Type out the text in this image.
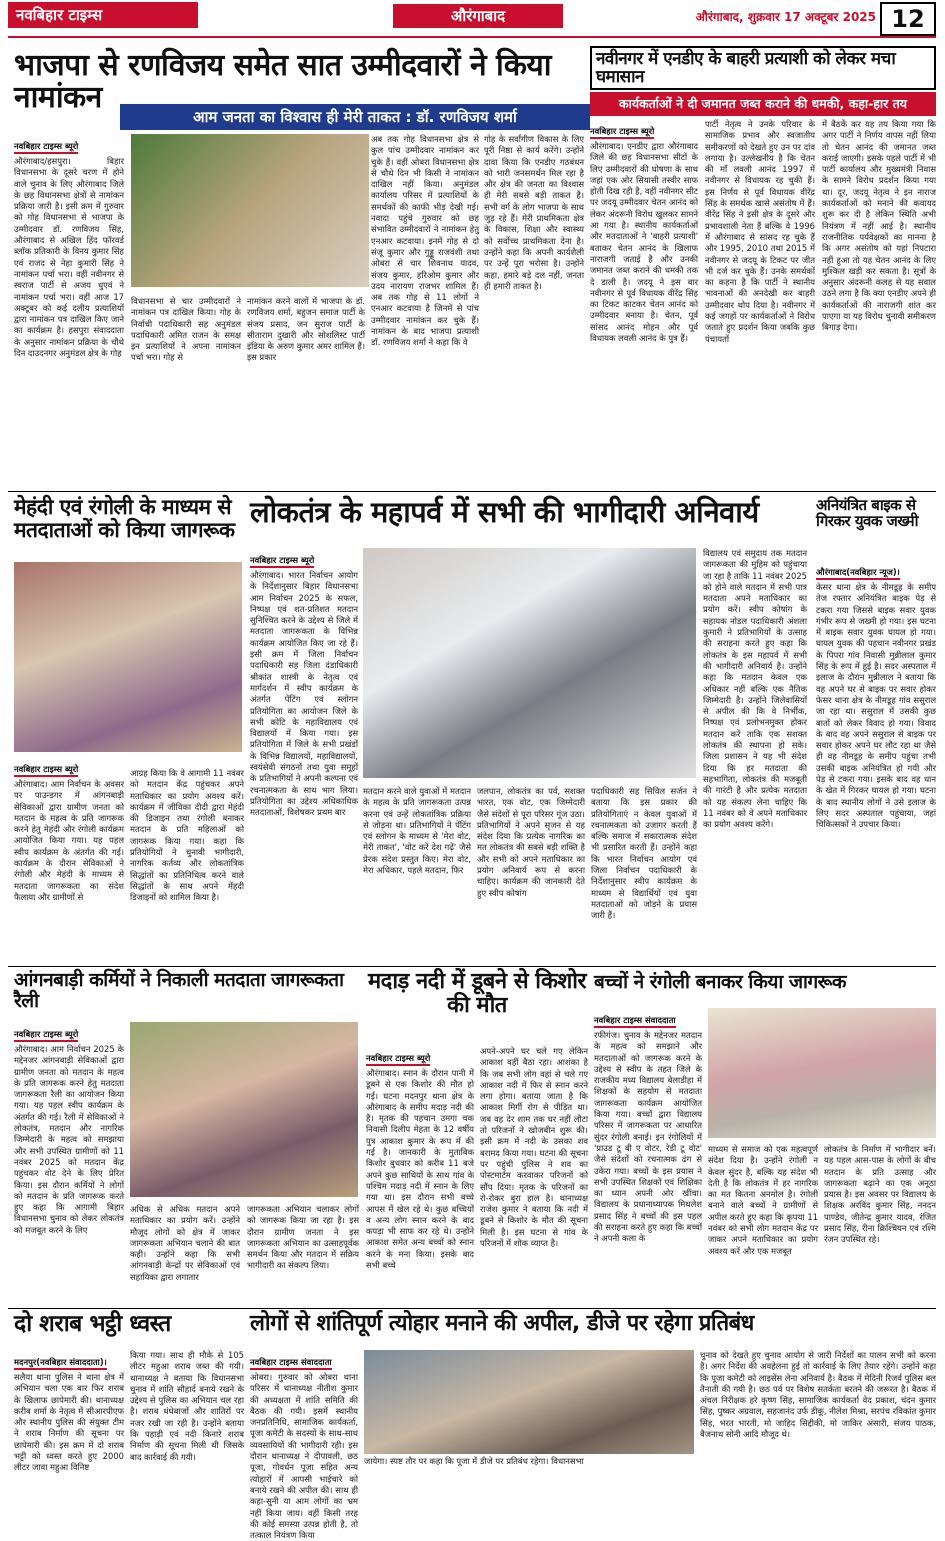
नवबिहार टाइम्स	औरंगाबाद	औरंगाबाद, शुक्रवार 17 अक्टूबर 2025 12
भाजपा से रणविजय समेत सात उम्मीदवारों ने किया नामांकन
आम जनता का विश्वास ही मेरी ताकत : डॉ. रणविजय शर्मा
नवबिहार टाइम्स ब्यूरो
औरंगाबाद/हसपुरा। बिहार विधानसभा के दूसरे चरण में होने वाले चुनाव के लिए औरंगाबाद जिले के छह विधानसभा क्षेत्रों से नामांकन प्रक्रिया जारी है। इसी क्रम में गुरुवार को गोह विधानसभा से भाजपा के उम्मीदवार डॉ. रणविजय सिंह, औरंगाबाद से अखिल हिंद फॉरवर्ड ब्लॉक प्रतिकारी के विनय कुमार सिंह एवं राजद से नेहा कुमारी सिंह ने नामांकन पर्चा भरा। वहीं नवीनगर से स्वराज पार्टी से अजय धुएवं ने नामांकन पर्चा भरा। वहीं आज 17 अक्टूबर को कई दलीय प्रत्याशियों द्वारा नामांकन पत्र दाखिल किए जाने का कार्यक्रम है। हसपुरा संवाददाता के अनुसार नामांकन प्रक्रिया के चौथे दिन दाउदनगर अनुमंडल क्षेत्र के गोह
विधानसभा से चार उम्मीदवारों ने नामांकन पत्र दाखिल किया। गोह के निर्वाची पदाधिकारी सह अनुमंडल पदाधिकारी अमित राजन के समक्ष इन प्रत्याशियों ने अपना नामांकन पर्चा भरा। गोह से
नामांकन करने वालों में भाजपा के डॉ. रणविजय शर्मा, बहुजन समाज पार्टी के संजय प्रसाद, जन सुराज पार्टी के सीताराम दुखारी और सोशलिस्ट पार्टी इंडिया के अरुण कुमार अमर शामिल हैं। इस प्रकार
अब तक गोह विधानसभा क्षेत्र से कुल पांच उम्मीदवार नामांकन कर चुके हैं। वहीं ओबरा विधानसभा क्षेत्र से चौथे दिन भी किसी ने नामांकन दाखिल नहीं किया। अनुमंडल कार्यालय परिसर में प्रत्याशियों के समर्थकों की काफी भीड़ देखी गई। नवादा पहुंचे गुरुवार को छह संभावित उम्मीदवारों ने नामांकन हेतु एनआर कटवाया। इनमें गोह से दो संजू कुमार और गुड्डू राजवंशी तथा ओबरा से चार शिवनाथ यादव, संजय कुमार, हरिओम कुमार और उदय नारायण राजभर शामिल हैं। अब तक गोह से 11 लोगों ने एनआर कटवाया है जिनमें से पांच उम्मीदवार नामांकन कर चुके हैं। नामांकन के बाद भाजपा प्रत्याशी डॉ. रणविजय शर्मा ने कहा कि वे
गोह के सर्वांगीण विकास के लिए पूरी निष्ठा से कार्य करेंगे। उन्होंने दावा किया कि एनडीए गठबंधन को भारी जनसमर्थन मिल रहा है और क्षेत्र की जनता का विश्वास ही मेरी सबसे बड़ी ताकत है। सभी वर्ग के लोग भाजपा के साथ जुड़ रहे हैं। मेरी प्राथमिकता क्षेत्र के विकास, शिक्षा और स्वास्थ्य को सर्वोच्च प्राथमिकता देना है। उन्होंने कहा कि अपनी कार्यशैली पर उन्हें पूरा भरोसा है। उन्होंने कहा, हमारे बड़े दल नहीं, जनता ही हमारी ताकत है।
नवीनगर में एनडीए के बाहरी प्रत्याशी को लेकर मचा घमासान
कार्यकर्ताओं ने दी जमानत जब्त कराने की धमकी, कहा-हार तय
नवबिहार टाइम्स ब्यूरो
औरंगाबाद। एनडीए द्वारा औरंगाबाद जिले की छह विधानसभा सीटों के लिए उम्मीदवारों की घोषणा के साथ जहां एक ओर सियासी तस्वीर साफ होती दिख रही है, वहीं नवीनगर सीट पर जदयू उम्मीदवार चेतन आनंद को लेकर अंदरूनी विरोध खुलकर सामने आ गया है। स्थानीय कार्यकर्ताओं और मतदाताओं ने 'बाहरी प्रत्याशी' बताकर चेतन आनंद के खिलाफ नाराजगी जताई है और उनकी जमानत जब्त कराने की धमकी तक दे डाली है। जदयू ने इस बार नवीनगर से पूर्व विधायक वीरेंद्र सिंह का टिकट काटकर चेतन आनंद को उम्मीदवार बनाया है। चेतन, पूर्व सांसद आनंद मोहन और पूर्व विधायक लवली आनंद के पुत्र हैं।
पार्टी नेतृत्व ने उनके परिवार के सामाजिक प्रभाव और स्वजातीय समीकरणों को देखते हुए उन पर दांव लगाया है। उल्लेखनीय है कि चेतन की माँ लवली आनंद 1997 में नवीनगर से विधायक रह चुकी हैं। इस निर्णय से पूर्व विधायक वीरेंद्र सिंह के समर्थक खासे असंतोष में हैं। वीरेंद्र सिंह ने इसी क्षेत्र के दूसरे और प्रभावशाली नेता हैं बल्कि वे 1996 में औरंगाबाद से सांसद रह चुके हैं और 1995, 2010 तथा 2015 में नवीनगर से जदयू के टिकट पर जीत भी दर्ज कर चुके हैं। उनके समर्थकों का कहना है कि पार्टी ने स्थानीय भावनाओं की अनदेखी कर बाहरी उम्मीदवार थोप दिया है। नवीनगर में कई जगहों पर कार्यकर्ताओं ने विरोध जताते हुए प्रदर्शन किया जबकि कुछ पंचायतों
में बैठकें कर यह तय किया गया कि अगर पार्टी ने निर्णय वापस नहीं लिया तो चेतन आनंद की जमानत जब्त कराई जाएगी। इसके पहले पार्टी में भी पार्टी कार्यालय और मुख्यमंत्री निवास के सामने विरोध प्रदर्शन किया गया था। दूर, जदयू नेतृत्व ने इन नाराज कार्यकर्ताओं को मनाने की कवायद शुरू कर दी है लेकिन स्थिति अभी नियंत्रण में नहीं आई है। स्थानीय राजनीतिक पर्यवेक्षकों का मानना है कि अगर असंतोष को यहां निपटारा नहीं हुआ तो यह चेतन आनंद के लिए मुश्किल खड़ी कर सकता है। सूत्रों के अनुसार अंदरूनी कलह से यह सवाल उठने लगा है कि क्या एनडीए अपने ही कार्यकर्ताओं की नाराजगी शांत कर पाएगा या यह विरोध चुनावी समीकरण बिगाड़ देगा।
मेहंदी एवं रंगोली के माध्यम से मतदाताओं को किया जागरूक
नवबिहार टाइम्स ब्यूरो
औरंगाबाद। आम निर्वाचन के अवसर पर पाउन्डगर में आंगनबाड़ी सेविकाओं द्वारा ग्रामीण जनता को मतदान के महत्व के प्रति जागरूक करने हेतु मेहंदी और रंगोली कार्यक्रम आयोजित किया गया। यह पहल स्वीप कार्यक्रम के अंतर्गत की गई। कार्यक्रम के दौरान सेविकाओं ने रंगोली और मेहंदी के माध्यम से मतदाता जागरूकता का संदेश फैलाया और ग्रामीणों से
आग्रह किया कि वे आगामी 11 नवंबर को मतदान केंद्र पहुंचकर अपने मताधिकार का प्रयोग अवश्य करें। कार्यक्रम में जीविका दीदी द्वारा मेहंदी की डिजाइन तथा रंगोली बनाकर मतदान के प्रति महिलाओं को जागरूक किया गया। कहा कि प्रतियोगियों ने चुनावी भागीदारी, नागरिक कर्तव्य और लोकतांत्रिक सिद्धांतों का प्रतिनिधित्व करने वाले सिद्धांतों के साथ अपने मेंहदी डिजाइनों को शामिल किया है।
लोकतंत्र के महापर्व में सभी की भागीदारी अनिवार्य
नवबिहार टाइम्स ब्यूरो
औरंगाबाद। भारत निर्वाचन आयोग के निर्देशानुसार बिहार विधानसभा आम निर्वाचन 2025 के सफल, निष्पक्ष एवं शत-प्रतिशत मतदान सुनिश्चित करने के उद्देश्य से जिले में मतदाता जागरूकता के विभिन्न कार्यक्रम आयोजित किए जा रहे हैं। इसी क्रम में जिला निर्वाचन पदाधिकारी सह जिला दंडाधिकारी श्रीकांत शास्त्री के नेतृत्व एवं मार्गदर्शन में स्वीप कार्यक्रम के अंतर्गत पेंटिंग एवं स्लोगन प्रतियोगिता का आयोजन जिले के सभी कोटि के महाविद्यालय एवं विद्यालयों में किया गया। इस प्रतियोगिता में जिले के सभी प्रखंडों के विभिन्न विद्यालयों, महाविद्यालयों, स्वयंसेवी संगठनों तथा युवा समूहों के प्रतिभागियों ने अपनी कल्पना एवं रचनात्मकता के साथ भाग लिया। प्रतियोगिता का उद्देश्य अधिकाधिक मतदाताओं, विशेषकर प्रथम बार
मतदान करने वाले युवाओं में मतदान के महत्व के प्रति जागरूकता उत्पन्न करना एवं उन्हें लोकतांत्रिक प्रक्रिया से जोड़ना था। प्रतिभागियों ने पेंटिंग एवं स्लोगन के माध्यम से 'मेरा वोट, मेरी ताकत', 'वोट करें देश गढ़ें' जैसे प्रेरक संदेश प्रस्तुत किए। मेरा वोट, मेरा अधिकार, पहले मतदान, फिर
जलपान, लोकतंत्र का पर्व, सशक्त भारत, एक वोट, एक जिम्मेदारी जैसे संदेशों से पूरा परिसर गूंज उठा। प्रतिभागियों ने अपने सृजन से यह संदेश दिया कि प्रत्येक नागरिक का मत लोकतंत्र की सबसे बड़ी शक्ति है और सभी को अपने मताधिकार का प्रयोग अनिवार्य रूप से करना चाहिए। कार्यक्रम की जानकारी देते हुए स्वीप कोषांग
पदाधिकारी सह सिविल सर्जन ने बताया कि इस प्रकार की प्रतियोगिताएं न केवल युवाओं में रचनात्मकता को उजागर करती हैं बल्कि समाज में सकारात्मक संदेश भी प्रसारित करती हैं। उन्होंने कहा कि भारत निर्वाचन आयोग एवं जिला निर्वाचन पदाधिकारी के निर्देशानुसार स्वीप कार्यक्रम के माध्यम से विद्यार्थियों एवं युवा मतदाताओं को जोड़ने के प्रयास जारी हैं।
विद्यालय एवं समुदाय तक मतदान जागरूकता की मुहिम को पहुंचाया जा रहा है ताकि 11 नवंबर 2025 को होने वाले मतदान में सभी पात्र मतदाता अपने मताधिकार का प्रयोग करें। स्वीप कोषांग के सहायक नोडल पदाधिकारी अंशला कुमारी ने प्रतिभागियों के उत्साह की सराहना करते हुए कहा कि लोकतंत्र के इस महापर्व में सभी की भागीदारी अनिवार्य है। उन्होंने कहा कि मतदान केवल एक अधिकार नहीं बल्कि एक नैतिक जिम्मेदारी है। उन्होंने जिलेवासियों से अपील की कि वे निर्भीक, निष्पक्ष एवं प्रलोभनमुक्त होकर मतदान करें ताकि एक सशक्त लोकतंत्र की स्थापना हो सके। जिला प्रशासन ने यह भी संदेश दिया कि हर मतदाता की सहभागिता, लोकतंत्र की मजबूती की गारंटी है और प्रत्येक मतदाता को यह संकल्प लेना चाहिए कि 11 नवंबर को वे अपने मताधिकार का प्रयोग अवश्य करेंगे।
अनियंत्रित बाइक से गिरकर युवक जख्मी
औरंगाबाद(नवबिहार न्यूज)।
केसर थाना क्षेत्र के नीमडूह के समीप तेज रफ्तार अनियंत्रित बाइक पेड़ से टकरा गया जिससे बाइक सवार युवक गंभीर रूप से जख्मी हो गया। इस घटना में बाइक सवार युवक घायल हो गया। घायल युवक की पहचान नवीनगर प्रखंड के पिपरा गांव निवासी मुन्नीलाल कुमार सिंह के रूप में हुई है। सदर अस्पताल में इलाज के दौरान मुन्नीलाल ने बताया कि वह अपने घर से बाइक पर सवार होकर फेसर थाना क्षेत्र के नीमडूह गांव ससुराल जा रहा था। ससुराल में उसकी कुछ बातों को लेकर विवाद हो गया। विवाद के बाद वह अपने ससुराल से बाइक पर सवार होकर अपने घर लौट रहा था जैसे ही वह नीमडूह के समीप पहुंचा तभी उसकी बाइक अनियंत्रित हो गयी और पेड़ से टकरा गया। इसके बाद वह धान के खेत में गिरकर घायल हो गया। घटना के बाद स्थानीय लोगों ने उसे इलाज के लिए सदर अस्पताल पहुंचाया, जहां चिकित्सकों ने उपचार किया।
आंगनबाड़ी कर्मियों ने निकाली मतदाता जागरूकता रैली
नवबिहार टाइम्स ब्यूरो
औरंगाबाद। आम निर्वाचन 2025 के मद्देनजर आंगनबाड़ी सेविकाओं द्वारा ग्रामीण जनता को मतदान के महत्व के प्रति जागरूक करने हेतु मतदाता जागरूकता रैली का आयोजन किया गया। यह पहल स्वीप कार्यक्रम के अंतर्गत की गई। रैली में सेविकाओं ने लोकतंत्र, मतदान और नागरिक जिम्मेदारी के महत्व को समझाया और सभी उपस्थित ग्रामीणों को 11 नवंबर 2025 को मतदान केंद्र पहुंचकर वोट देने के लिए प्रेरित किया। इस दौरान कर्मियों ने लोगों को मतदान के प्रति जागरूक करते हुए कहा कि आगामी बिहार विधानसभा चुनाव को लेकर लोकतंत्र को मजबूत करने के लिए
अधिक से अधिक मतदान अपने मताधिकार का प्रयोग करें। उन्होंने मौजूद लोगों को क्षेत्र में जाकर जागरूकता अभियान चलाने की बात कही। उन्होंने कहा कि सभी आंगनबाड़ी केन्द्रों पर सेविकाओं एवं सहायिका द्वारा लगातार
जागरूकता अभियान चलाकर लोगों को जागरूक किया जा रहा है। इस दौरान ग्रामीण जनता ने इस जागरूकता अभियान का उत्साहपूर्वक समर्थन किया और मतदान में सक्रिय भागीदारी का संकल्प लिया।
मदाड़ नदी में डूबने से किशोर की मौत
नवबिहार टाइम्स ब्यूरो
औरंगाबाद। स्नान के दौरान पानी में डूबने से एक किशोर की मौत हो गई। घटना मदनपुर थाना क्षेत्र के औरंगाबाद के समीप मदाड़ नदी की है। मृतक की पहचान उमगा चक निवासी दिलीप मेहता के 12 वर्षीय पुत्र आकाश कुमार के रूप में की गई है। जानकारी के मुताबिक किशोर बुधवार को करीब 11 बजे अपने कुछ साथियों के साथ गांव के पश्चिम मदाड़ नदी में स्नान के लिए गया था। इस दौरान सभी बच्चे आपस में खेल रहे थे। कुछ बच्चियों व अन्य लोग स्नान करने के बाद कपड़ा भी साफ कर रहे थे। उन्होंने आकाश समेत अन्य बच्चों को स्नान करने के मना किया। इसके बाद सभी बच्चे
अपने-अपने घर चले गए लेकिन आकाश वहीं बैठा रहा। आशंका है कि जब सभी लोग वहां से चले गए आकाश नदी में फिर से स्नान करने लगा होगा। बताया जाता है कि आकाश मिर्गी रोग से पीड़ित था। जब वह देर शाम तक घर नहीं लौटा तो परिजनों ने खोजबीन शुरू की। इसी क्रम में नदी के उसका शव बरामद किया गया। घटना की सूचना पर पहुंची पुलिस ने शव का पोस्टमार्टम करवाकर परिजनों को सौंप दिया। मृतक के परिजनों का रो-रोकर बुरा हाल है। थानाध्यक्ष राजेश कुमार ने बताया कि नदी में डूबने से किशोर के मौत की सूचना मिली है। इस घटना से गांव के परिजनों में शोक व्याप्त है।
बच्चों ने रंगोली बनाकर किया जागरूक
नवबिहार टाइम्स संवाददाता
रफीगंज। चुनाव के मद्देनजर मतदान के महत्व को समझाने और मतदाताओं को जागरूक करने के उद्देश्य से स्वीप के तहत जिले के राजकीय मध्य विद्यालय बेलाडीहा में शिक्षकों के सहयोग से मतदाता जागरूकता कार्यक्रम आयोजित किया गया। बच्चों द्वारा विद्यालय परिसर में जागरूकता पर आधारित सुंदर रंगोली बनाई। इन रंगोलियों में 'प्राउड टू बी ए वोटर, रेडी टू वोट' जैसे संदेशों को रचनात्मक ढंग से उकेरा गया। बच्चों के इस प्रयास ने सभी उपस्थित शिक्षकों एवं शिक्षिका का ध्यान अपनी ओर खींचा। विद्यालय के प्रधानाध्यापक मिथलेश प्रसाद सिंह ने बच्चों की इस पहल की सराहना करते हुए कहा कि बच्चों ने अपनी कला के
माध्यम से समाज को एक महत्वपूर्ण संदेश दिया है। उन्होंने रंगोली न केवल सुंदर है, बल्कि यह संदेश भी देती है कि लोकतंत्र में हर नागरिक का मत कितना अनमोल है। रंगोली बनाने वाले बच्चों ने ग्रामीणों से अपील करते हुए कहा कि कृपया 11 नवंबर को सभी लोग मतदान केंद्र पर जाकर अपने मताधिकार का प्रयोग अवश्य करें और एक मजबूत
लोकतंत्र के निर्माण में भागीदार बनें। यह पहल आस-पास के लोगों के बीच मतदान के प्रति उत्साह और जागरूकता बढ़ाने का एक अनूठा प्रयास है। इस अवसर पर विद्यालय के शिक्षक अरविंद कुमार सिंह, ननदन पाण्डेय, जीतेन्द्र कुमार यादव, रंजित प्रसाद सिंह, रीना क्रिश्चियन एवं रश्मि रंजन उपस्थित रहे।
दो शराब भट्ठी ध्वस्त
मदनपुर(नवबिहार संवाददाता)।
सलैया थाना पुलिस ने थाना क्षेत्र में अभियान चला एक बार फिर शराब के खिलाफ छापेमारी की। थानाध्यक्ष करीब शर्मा के नेतृत्व में सीआरपीएफ और स्थानीय पुलिस की संयुक्त टीम ने शराब निर्माण की सूचना पर छापेमारी की। इस क्रम में दो शराब भट्टी को ध्वस्त करते हुए 2000 लीटर जावा महुआ विनिष्ट
किया गया। साथ ही मौके से 105 लीटर महुआ शराब जब्त की गयी। थानाध्यक्ष ने बताया कि विधानसभा चुनाव में शांति सौहार्द बनाये रखने के उद्देश्य से पुलिस का अभियान चल रहा है। शराब धंधेबाजों और शातिरों पर नजर रखी जा रही है। उन्होंने बताया कि पहाड़ी एवं नदी किनारे शराब निर्माण की सूचना मिली थी जिसके बाद कार्रवाई की गयी।
लोगों से शांतिपूर्ण त्योहार मनाने की अपील, डीजे पर रहेगा प्रतिबंध
नवबिहार टाइम्स संवाददाता
ओबरा। गुरुवार को ओबरा थाना परिसर में थानाध्यक्ष नीतीश कुमार की अध्यक्षता में शांति समिति की बैठक की गयी। इसमें स्थानीय जनप्रतिनिधि, सामाजिक कार्यकर्ता, पूजा कमेटी के सदस्यों के साथ-साथ व्यवसायियों की भागीदारी रही। इस दौरान थानाध्यक्ष ने दीपावली, छठ पूजा, गोवर्धन पूजा सहित अन्य त्योहारों में आपसी भाईचारे को बनाये रखने की अपील की। साथ ही कहा-सुनी या आम लोगों का भ्रम नहीं किया जाय। वहीं किसी तरह की कोई समस्या उत्पन्न होती है, तो तत्काल नियंत्रण किया
जायेगा। स्पष्ट तौर पर कहा कि पूजा में डीजे पर प्रतिबंध रहेगा। विधानसभा
चुनाव को देखते हुए चुनाव आयोग से जारी निर्देशों का पालन सभी को करना है। अगर निर्देश की अवहेलना हुई तो कार्रवाई के लिए तैयार रहेंगे। उन्होंने कहा कि पूजा कमेटी को लाइसेंस लेना अनिवार्य है। बैठक में मेदिनी रिजर्व पुलिस बल तैनाती की गयी है। छठ पर्व पर विशेष सतर्कता बरतने की जरूरत है। बैठक में अंचल निरीक्षक हरे कृष्ण सिंह, सामाजिक कार्यकर्ता वेद प्रकाश, चंदन कुमार सिंह, पुष्कर अग्रवाल, सहजानंद उर्फ डीकू, नीलेश मिश्रा, सरपंच रविकांत कुमार सिंह, भरत भारती, मो जाहिद सिद्दीकी, मो जाकिर अंसारी, संजय पाठक, बैजनाथ सोनी आदि मौजूद थे।
